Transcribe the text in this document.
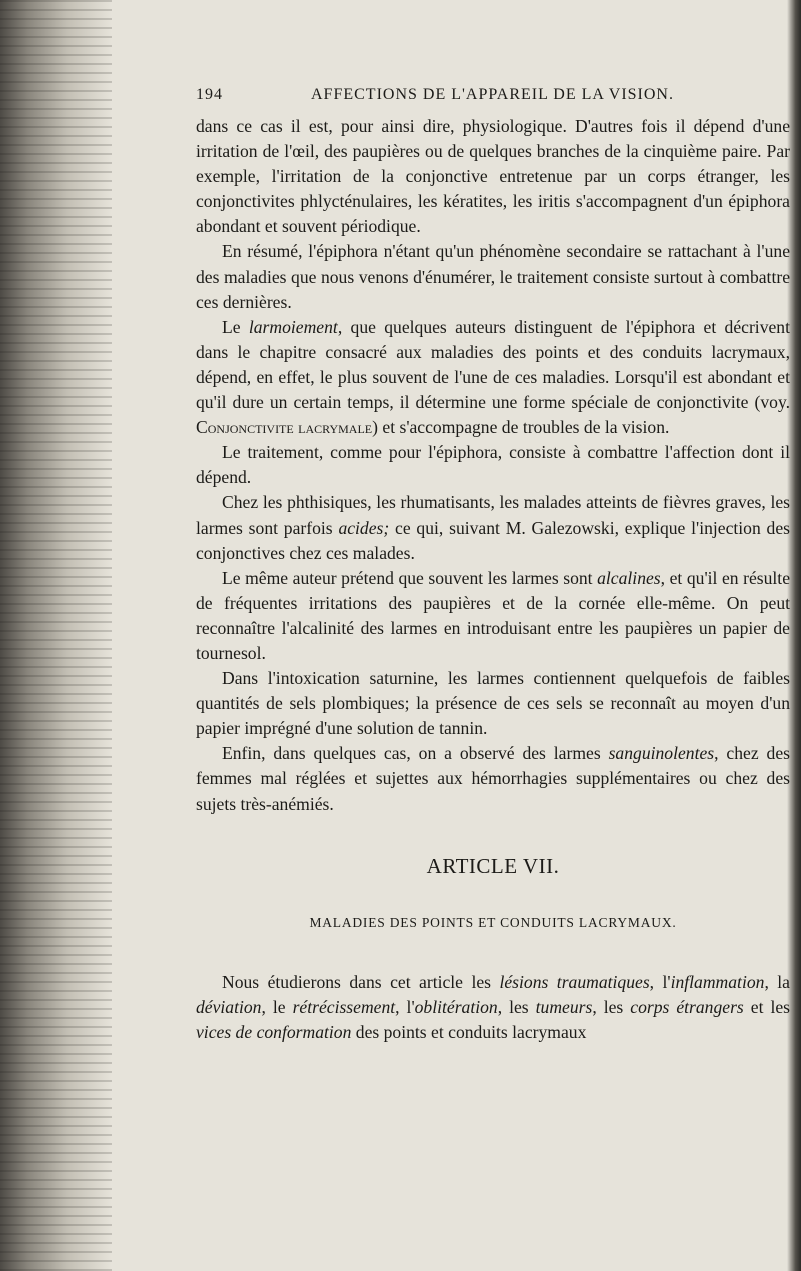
194	AFFECTIONS DE L'APPAREIL DE LA VISION.

dans ce cas il est, pour ainsi dire, physiologique. D'autres fois il dépend d'une irritation de l'œil, des paupières ou de quelques branches de la cinquième paire. Par exemple, l'irritation de la conjonctive entretenue par un corps étranger, les conjonctivites phlycténulaires, les kératites, les iritis s'accompagnent d'un épiphora abondant et souvent périodique.

En résumé, l'épiphora n'étant qu'un phénomène secondaire se rattachant à l'une des maladies que nous venons d'énumérer, le traitement consiste surtout à combattre ces dernières.

Le larmoiement, que quelques auteurs distinguent de l'épiphora et décrivent dans le chapitre consacré aux maladies des points et des conduits lacrymaux, dépend, en effet, le plus souvent de l'une de ces maladies. Lorsqu'il est abondant et qu'il dure un certain temps, il détermine une forme spéciale de conjonctivite (voy. Conjonctivite lacrymale) et s'accompagne de troubles de la vision.

Le traitement, comme pour l'épiphora, consiste à combattre l'affection dont il dépend.

Chez les phthisiques, les rhumatisants, les malades atteints de fièvres graves, les larmes sont parfois acides; ce qui, suivant M. Galezowski, explique l'injection des conjonctives chez ces malades.

Le même auteur prétend que souvent les larmes sont alcalines, et qu'il en résulte de fréquentes irritations des paupières et de la cornée elle-même. On peut reconnaître l'alcalinité des larmes en introduisant entre les paupières un papier de tournesol.

Dans l'intoxication saturnine, les larmes contiennent quelquefois de faibles quantités de sels plombiques; la présence de ces sels se reconnaît au moyen d'un papier imprégné d'une solution de tannin.

Enfin, dans quelques cas, on a observé des larmes sanguinolentes, chez des femmes mal réglées et sujettes aux hémorrhagies supplémentaires ou chez des sujets très-anémiés.

ARTICLE VII.
MALADIES DES POINTS ET CONDUITS LACRYMAUX.

Nous étudierons dans cet article les lésions traumatiques, l'inflammation, la déviation, le rétrécissement, l'oblitération, les tumeurs, les corps étrangers et les vices de conformation des points et conduits lacrymaux
